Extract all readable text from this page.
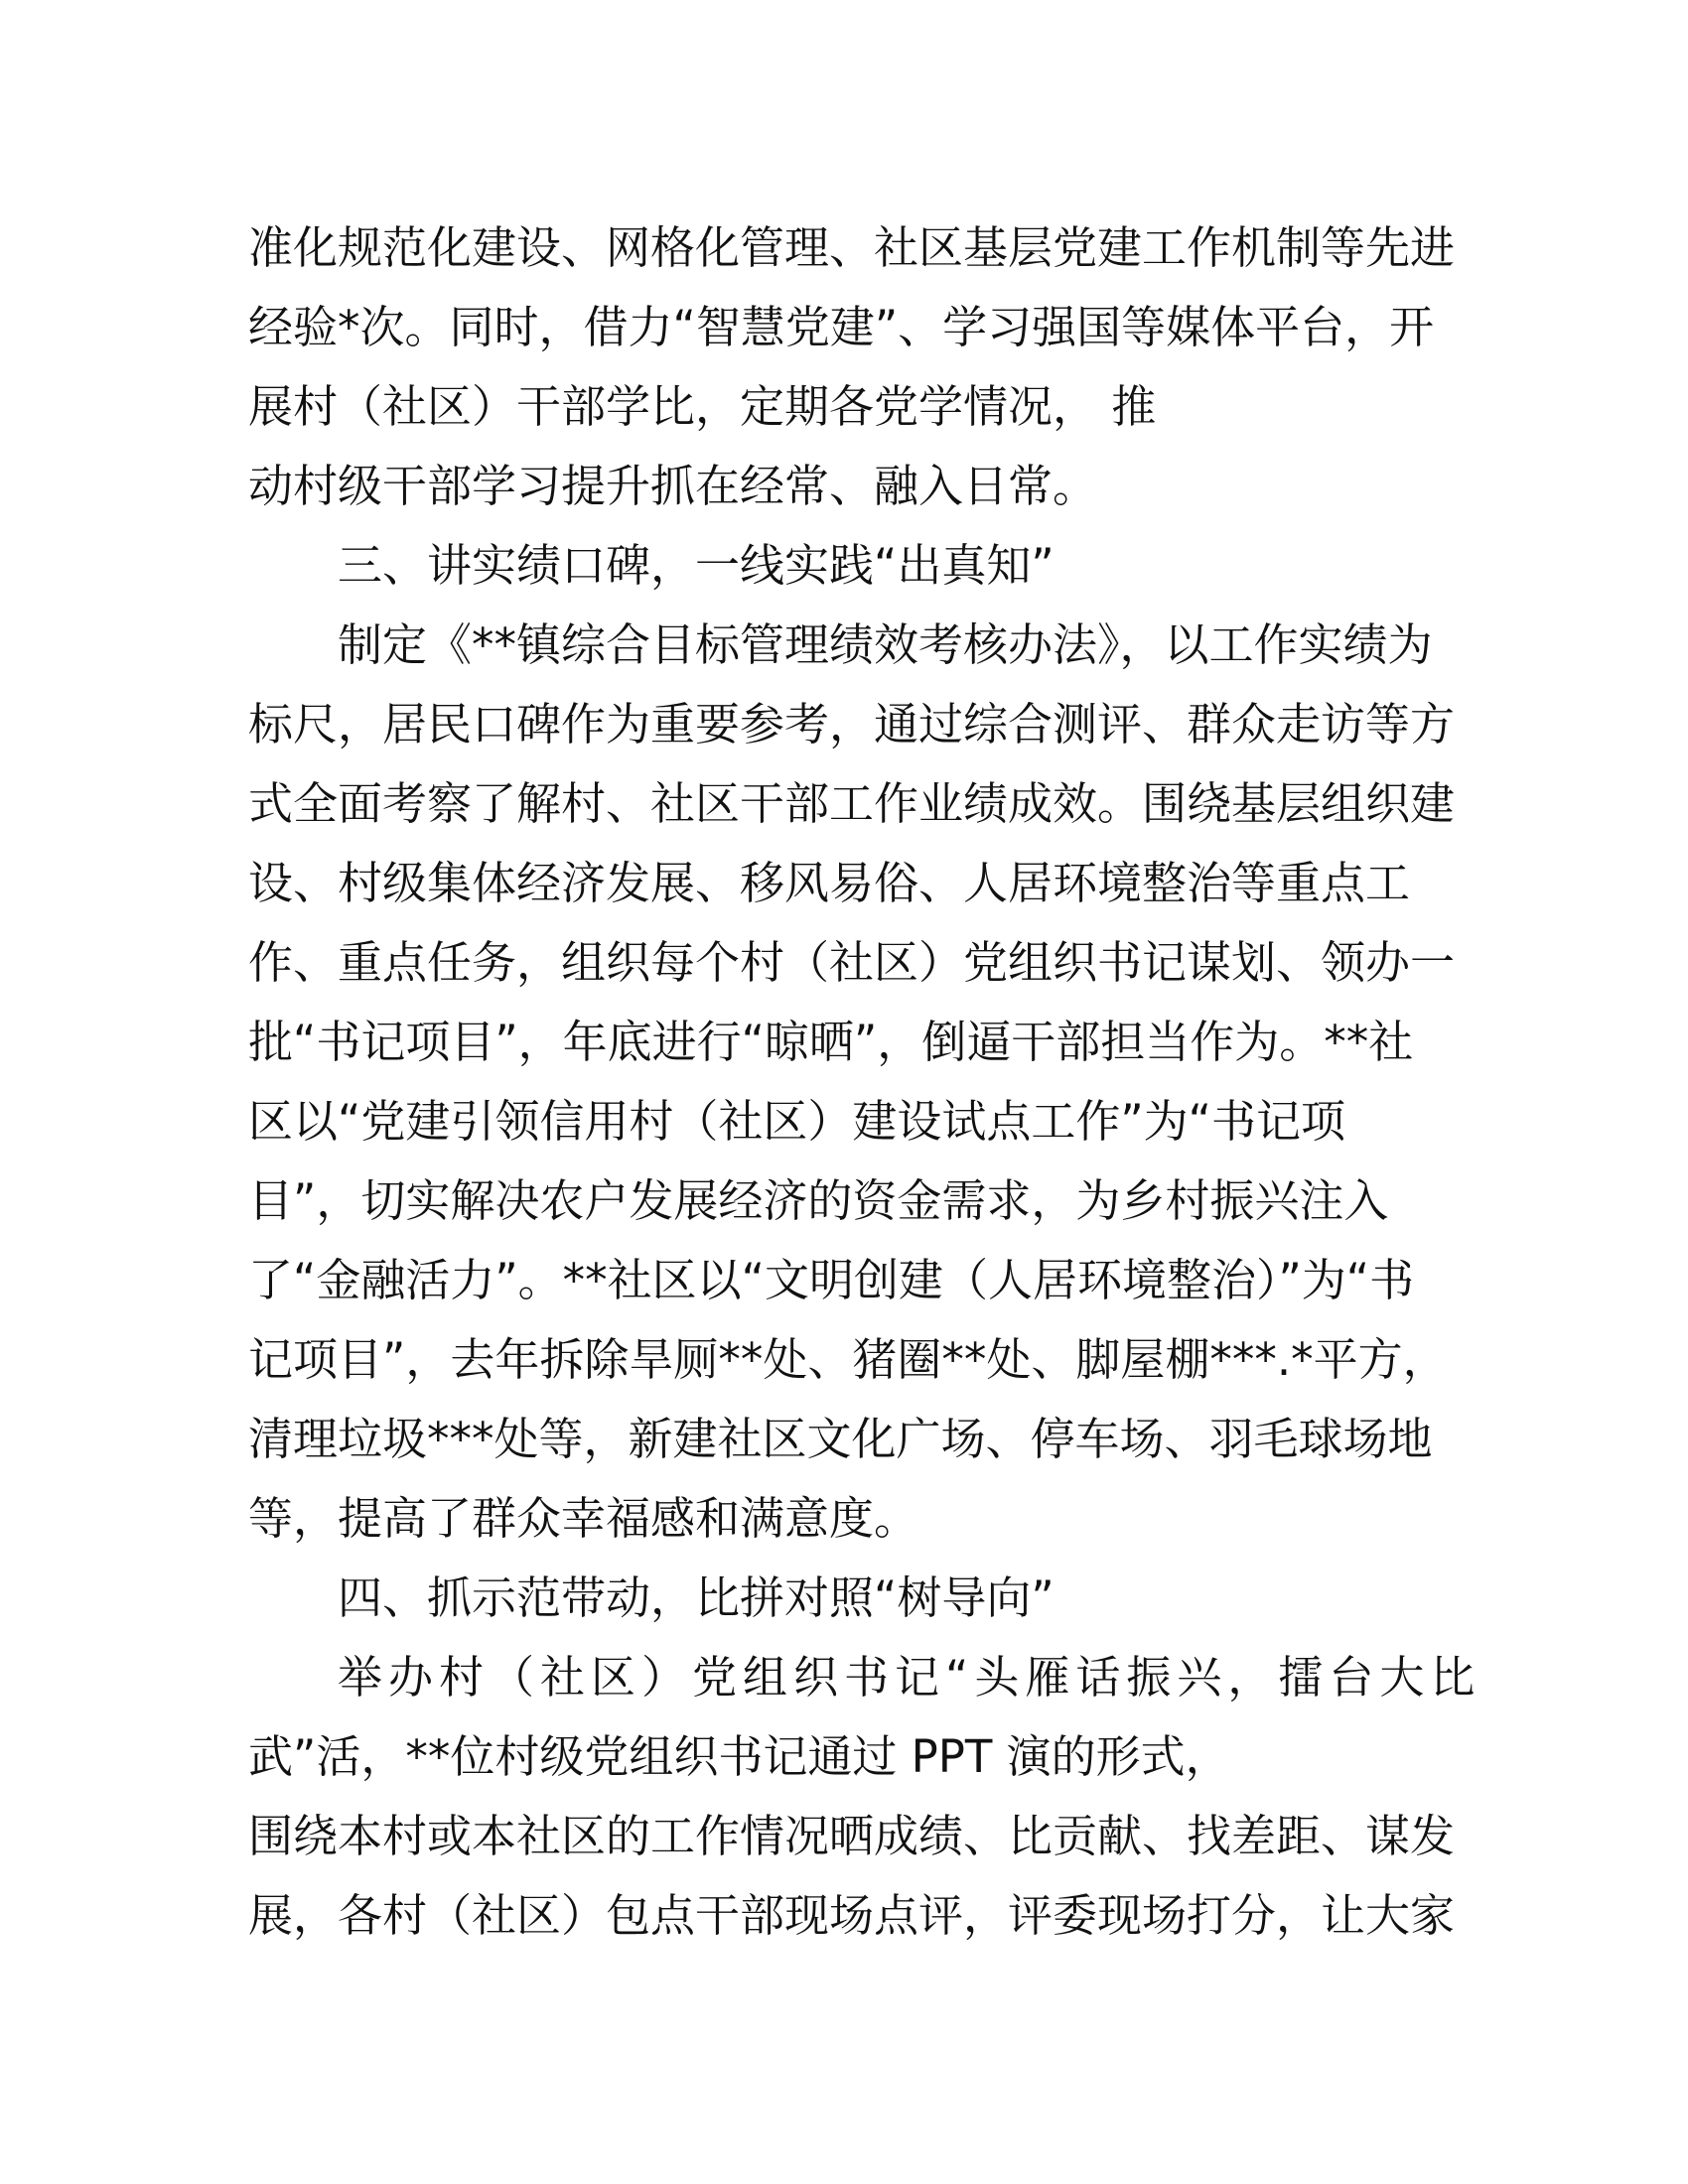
准化规范化建设、网格化管理、社区基层党建工作机制等先进
经验*次。同时，借力“智慧党建”、学习强国等媒体平台，开
展村（社区）干部学比，定期各党学情况， 推
动村级干部学习提升抓在经常、融入日常。

三、讲实绩口碑，一线实践“出真知”

制定《**镇综合目标管理绩效考核办法》，以工作实绩为
标尺，居民口碑作为重要参考，通过综合测评、群众走访等方
式全面考察了解村、社区干部工作业绩成效。围绕基层组织建
设、村级集体经济发展、移风易俗、人居环境整治等重点工
作、重点任务，组织每个村（社区）党组织书记谋划、领办一
批“书记项目”，年底进行“晾晒”，倒逼干部担当作为。**社
区以“党建引领信用村（社区）建设试点工作”为“书记项
目”，切实解决农户发展经济的资金需求，为乡村振兴注入
了“金融活力”。**社区以“文明创建（人居环境整治）”为“书
记项目”，去年拆除旱厕**处、猪圈**处、脚屋棚***.*平方，
清理垃圾***处等，新建社区文化广场、停车场、羽毛球场地
等，提高了群众幸福感和满意度。

四、抓示范带动，比拼对照“树导向”

举办村（社区）党组织书记“头雁话振兴，擂台大比
武”活，**位村级党组织书记通过 PPT 演的形式，
围绕本村或本社区的工作情况晒成绩、比贡献、找差距、谋发
展，各村（社区）包点干部现场点评，评委现场打分，让大家
